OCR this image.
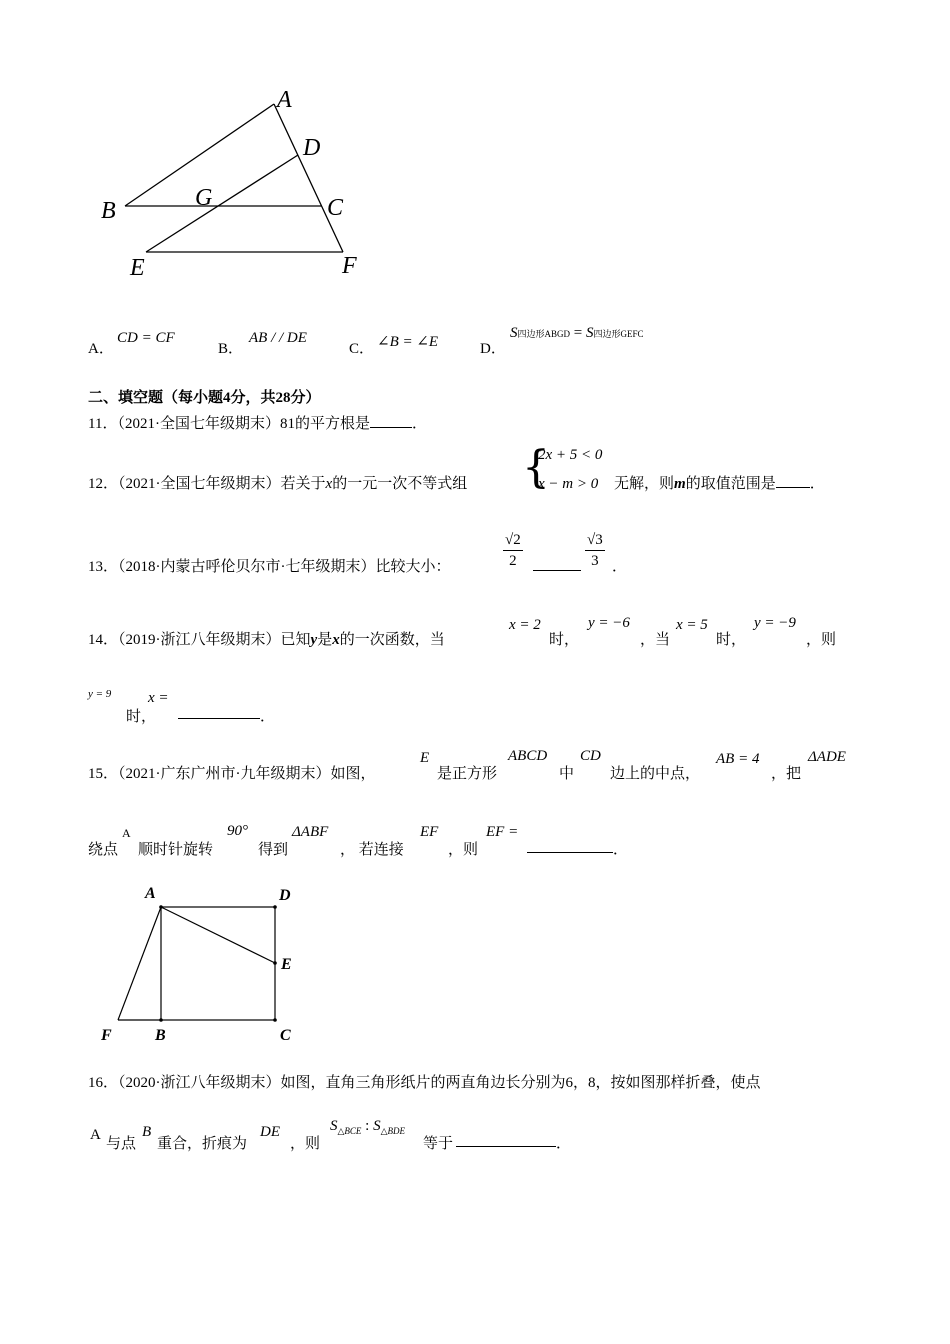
A
D
B	G	C
E	F
A．
CD = CF
B．
AB / / DE
C． ∠B = ∠E	D．
S四边形ABGD = S四边形GEFC
二、填空题（每小题4分，共28分）
11．（2021·全国七年级期末）81的平方根是	．
12．（2021·全国七年级期末）若关于x的一元一次不等式组 {
2x + 5 < 0
x − m > 0 无解，则m的取值范围是 ．
13．（2018·内蒙古呼伦贝尔市·七年级期末）比较大小：	$\frac{√2}{2}$	$\frac{√3}{3}$ ．
14．（2019·浙江八年级期末）已知y是x的一次函数，当
x = 2
时，
y = −6
，当
x = 5
时，
y = −9
，则
y = 9
时，
x =
．
15．（2021·广东广州市·九年级期末）如图，
E
是正方形
ABCD
中
CD
边上的中点，
AB = 4
，把
ΔADE
绕点
A
顺时针旋转
90°
得到
ΔABF
， 若连接
EF
，则
EF =
．
A	D
E
F	B	C
16．（2020·浙江八年级期末）如图，直角三角形纸片的两直角边长分别为6，8，按如图那样折叠，使点
A
与点
B
重合，折痕为
DE
，则
$S_{\triangle BCE}$ : $S_{\triangle BDE}$
等于	．
